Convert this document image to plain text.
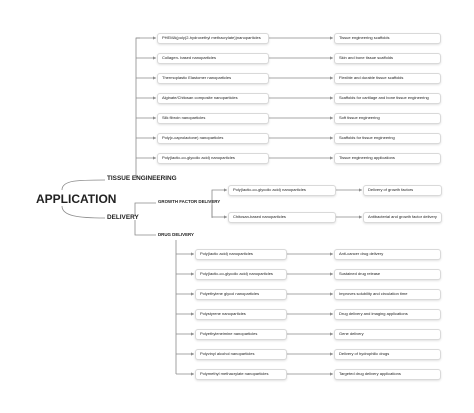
APPLICATION
TISSUE ENGINEERING
DELIVERY
GROWTH FACTOR DELIVERY
DRUG DELIVERY
PHEMA(poly(2-hydroxethyl methacrylate))nanoparticles	Tissue engineering scaffolds
Collagen- based nanoparticles	Skin and bone tissue scaffolds
Thermoplastic Elastomer nanoparticles	Flexible and durable tissue scaffolds
Alginate/Chitosan composite nanoparticles	Scaffolds for cartilage and bone tissue engineering
Silk fibroin nanoparticles	Soft tissue engineering
Poly(ε-caprolactone) nanoparticles	Scaffolds for tissue engineering
Poly(lactic-co-glycolic acid) nanoparticles	Tissue engineering applications
Poly(lactic-co-glycolic acid) nanoparticles	Delivery of growth factors
Chitosan-based nanoparticles	Antibacterial and growth factor delivery
Poly(lactic acid) nanoparticles	Anti-cancer drug delivery
Poly(lactic-co-glycolic acid) nanoparticles	Sustained drug release
Polyethylene glycol nanoparticles	Improves solubility and circulation time
Polystyrene nanoparticles	Drug delivery and imaging applications
Polyethyleneimine nanoparticles	Gene delivery
Polyvinyl alcohol nanoparticles	Delivery of hydrophilic drugs
Polymethyl methacrylate nanoparticles	Targeted drug delivery applications
